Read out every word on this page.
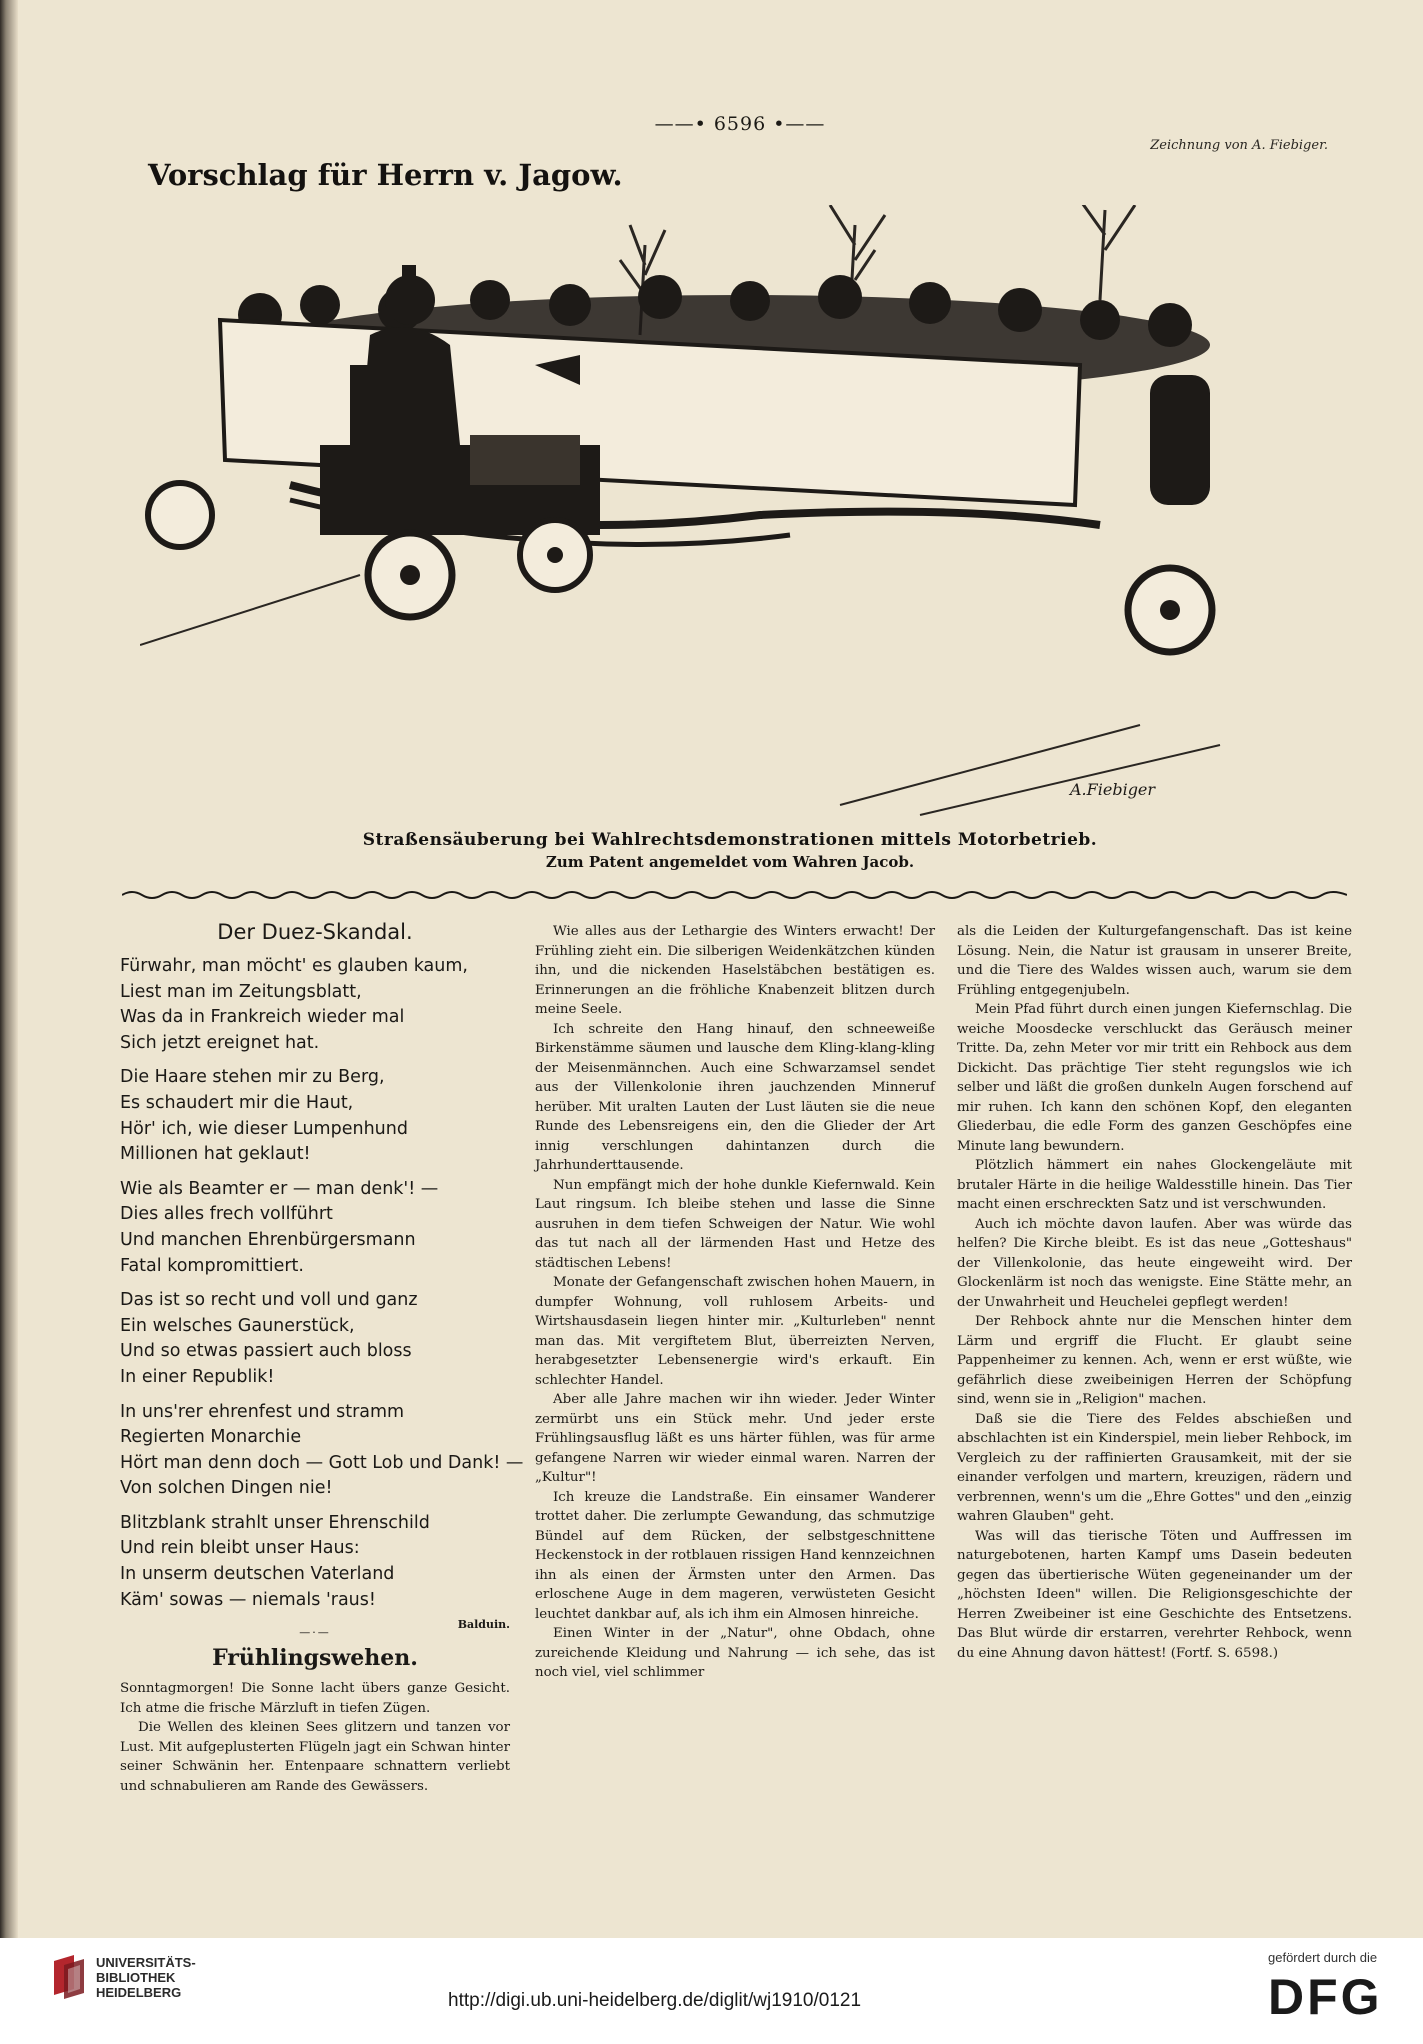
——• 6596 •——
Zeichnung von A. Fiebiger.
Vorschlag für Herrn v. Jagow.
A.Fiebiger
Straßensäuberung bei Wahlrechtsdemonstrationen mittels Motorbetrieb.
Zum Patent angemeldet vom Wahren Jacob.
Der Duez-Skandal.
Fürwahr, man möcht' es glauben kaum,
Liest man im Zeitungsblatt,
Was da in Frankreich wieder mal
Sich jetzt ereignet hat.
Die Haare stehen mir zu Berg,
Es schaudert mir die Haut,
Hör' ich, wie dieser Lumpenhund
Millionen hat geklaut!
Wie als Beamter er — man denk'! —
Dies alles frech vollführt
Und manchen Ehrenbürgersmann
Fatal kompromittiert.
Das ist so recht und voll und ganz
Ein welsches Gaunerstück,
Und so etwas passiert auch bloss
In einer Republik!
In uns'rer ehrenfest und stramm
Regierten Monarchie
Hört man denn doch — Gott Lob und Dank! —
Von solchen Dingen nie!
Blitzblank strahlt unser Ehrenschild
Und rein bleibt unser Haus:
In unserm deutschen Vaterland
Käm' sowas — niemals 'raus!
Balduin.
—·—
Frühlingswehen.

Sonntagmorgen! Die Sonne lacht übers ganze Gesicht. Ich atme die frische Märzluft in tiefen Zügen.

Die Wellen des kleinen Sees glitzern und tanzen vor Lust. Mit aufgeplusterten Flügeln jagt ein Schwan hinter seiner Schwänin her. Entenpaare schnattern verliebt und schnabulieren am Rande des Gewässers.

Wie alles aus der Lethargie des Winters erwacht! Der Frühling zieht ein. Die silberigen Weidenkätzchen künden ihn, und die nickenden Haselstäbchen bestätigen es. Erinnerungen an die fröhliche Knabenzeit blitzen durch meine Seele.

Ich schreite den Hang hinauf, den schneeweiße Birkenstämme säumen und lausche dem Kling-klang-kling der Meisenmännchen. Auch eine Schwarzamsel sendet aus der Villenkolonie ihren jauchzenden Minneruf herüber. Mit uralten Lauten der Lust läuten sie die neue Runde des Lebensreigens ein, den die Glieder der Art innig verschlungen dahintanzen durch die Jahrhunderttausende.

Nun empfängt mich der hohe dunkle Kiefernwald. Kein Laut ringsum. Ich bleibe stehen und lasse die Sinne ausruhen in dem tiefen Schweigen der Natur. Wie wohl das tut nach all der lärmenden Hast und Hetze des städtischen Lebens!

Monate der Gefangenschaft zwischen hohen Mauern, in dumpfer Wohnung, voll ruhlosem Arbeits- und Wirtshausdasein liegen hinter mir. „Kulturleben" nennt man das. Mit vergiftetem Blut, überreizten Nerven, herabgesetzter Lebensenergie wird's erkauft. Ein schlechter Handel.

Aber alle Jahre machen wir ihn wieder. Jeder Winter zermürbt uns ein Stück mehr. Und jeder erste Frühlingsausflug läßt es uns härter fühlen, was für arme gefangene Narren wir wieder einmal waren. Narren der „Kultur"!

Ich kreuze die Landstraße. Ein einsamer Wanderer trottet daher. Die zerlumpte Gewandung, das schmutzige Bündel auf dem Rücken, der selbstgeschnittene Heckenstock in der rotblauen rissigen Hand kennzeichnen ihn als einen der Ärmsten unter den Armen. Das erloschene Auge in dem mageren, verwüsteten Gesicht leuchtet dankbar auf, als ich ihm ein Almosen hinreiche.

Einen Winter in der „Natur", ohne Obdach, ohne zureichende Kleidung und Nahrung — ich sehe, das ist noch viel, viel schlimmer

als die Leiden der Kulturgefangenschaft. Das ist keine Lösung. Nein, die Natur ist grausam in unserer Breite, und die Tiere des Waldes wissen auch, warum sie dem Frühling entgegenjubeln.

Mein Pfad führt durch einen jungen Kiefernschlag. Die weiche Moosdecke verschluckt das Geräusch meiner Tritte. Da, zehn Meter vor mir tritt ein Rehbock aus dem Dickicht. Das prächtige Tier steht regungslos wie ich selber und läßt die großen dunkeln Augen forschend auf mir ruhen. Ich kann den schönen Kopf, den eleganten Gliederbau, die edle Form des ganzen Geschöpfes eine Minute lang bewundern.

Plötzlich hämmert ein nahes Glockengeläute mit brutaler Härte in die heilige Waldesstille hinein. Das Tier macht einen erschreckten Satz und ist verschwunden.

Auch ich möchte davon laufen. Aber was würde das helfen? Die Kirche bleibt. Es ist das neue „Gotteshaus" der Villenkolonie, das heute eingeweiht wird. Der Glockenlärm ist noch das wenigste. Eine Stätte mehr, an der Unwahrheit und Heuchelei gepflegt werden!

Der Rehbock ahnte nur die Menschen hinter dem Lärm und ergriff die Flucht. Er glaubt seine Pappenheimer zu kennen. Ach, wenn er erst wüßte, wie gefährlich diese zweibeinigen Herren der Schöpfung sind, wenn sie in „Religion" machen.

Daß sie die Tiere des Feldes abschießen und abschlachten ist ein Kinderspiel, mein lieber Rehbock, im Vergleich zu der raffinierten Grausamkeit, mit der sie einander verfolgen und martern, kreuzigen, rädern und verbrennen, wenn's um die „Ehre Gottes" und den „einzig wahren Glauben" geht.

Was will das tierische Töten und Auffressen im naturgebotenen, harten Kampf ums Dasein bedeuten gegen das übertierische Wüten gegeneinander um der „höchsten Ideen" willen. Die Religionsgeschichte der Herren Zweibeiner ist eine Geschichte des Entsetzens. Das Blut würde dir erstarren, verehrter Rehbock, wenn du eine Ahnung davon hättest! (Fortf. S. 6598.)

UNIVERSITÄTS-
BIBLIOTHEK
HEIDELBERG	http://digi.ub.uni-heidelberg.de/diglit/wj1910/0121
gefördert durch die
DFG
